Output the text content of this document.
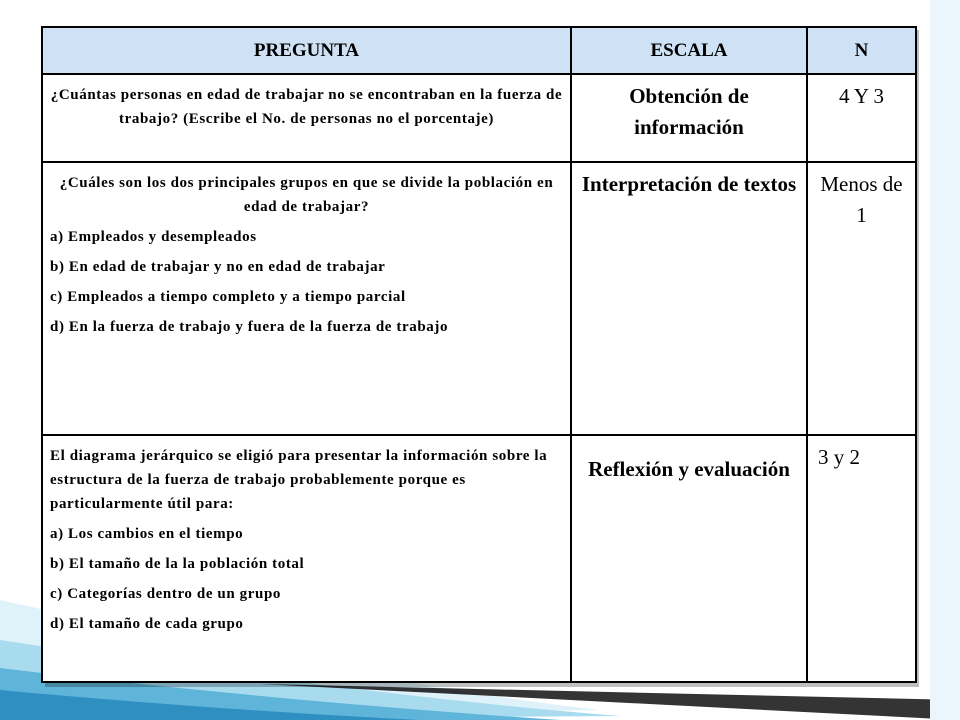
PREGUNTA	ESCALA	N

¿Cuántas personas en edad de trabajar no se encontraban en la fuerza de trabajo? (Escribe el No. de personas no el porcentaje)	Obtención de información	4 Y 3

¿Cuáles son los dos principales grupos en que se divide la población en edad de trabajar?
a) Empleados y desempleados
b) En edad de trabajar y no en edad de trabajar
c) Empleados a tiempo completo y a tiempo parcial
d) En la fuerza de trabajo y fuera de la fuerza de trabajo	Interpretación de textos	Menos de 1

El diagrama jerárquico se eligió para presentar la información sobre la estructura de la fuerza de trabajo probablemente porque es particularmente útil para:
a) Los cambios en el tiempo
b) El tamaño de la la población total
c) Categorías dentro de un grupo
d) El tamaño de cada grupo	Reflexión y evaluación	3 y 2
